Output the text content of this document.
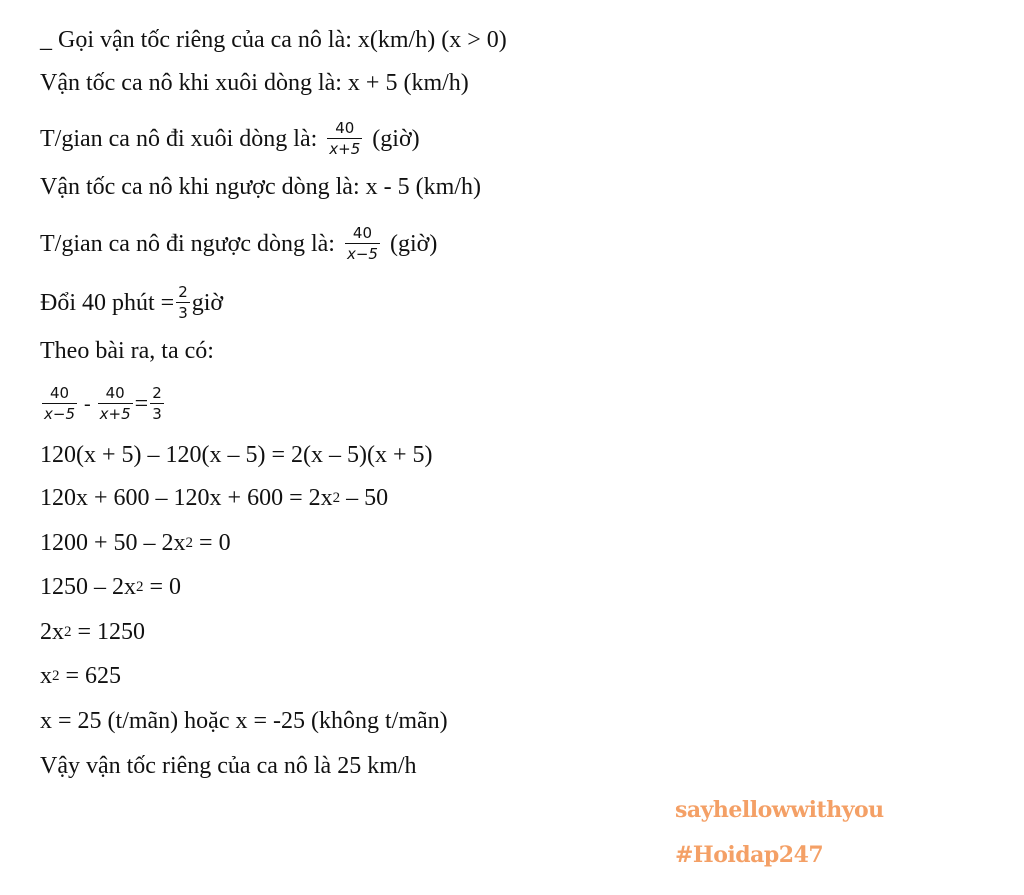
_ Gọi vận tốc riêng của ca nô là: x(km/h) (x > 0)
Vận tốc ca nô khi xuôi dòng là: x + 5 (km/h)
T/gian ca nô đi xuôi dòng là: $\frac{40}{x+5}$ (giờ)
Vận tốc ca nô khi ngược dòng là: x - 5 (km/h)
T/gian ca nô đi ngược dòng là: $\frac{40}{x-5}$ (giờ)
Đổi 40 phút = $\frac{2}{3}$ giờ
Theo bài ra, ta có:
$\frac{40}{x-5} - \frac{40}{x+5} = \frac{2}{3}$
120(x + 5) – 120(x – 5) = 2(x – 5)(x + 5)
120x + 600 – 120x + 600 = 2x 2 – 50
1200 + 50 – 2x 2 = 0
1250 – 2x 2 = 0
2x 2 = 1250
x 2 = 625
x = 25 (t/mãn) hoặc x = -25 (không t/mãn)
Vậy vận tốc riêng của ca nô là 25 km/h
sayhellowwithyou
#Hoidap247
